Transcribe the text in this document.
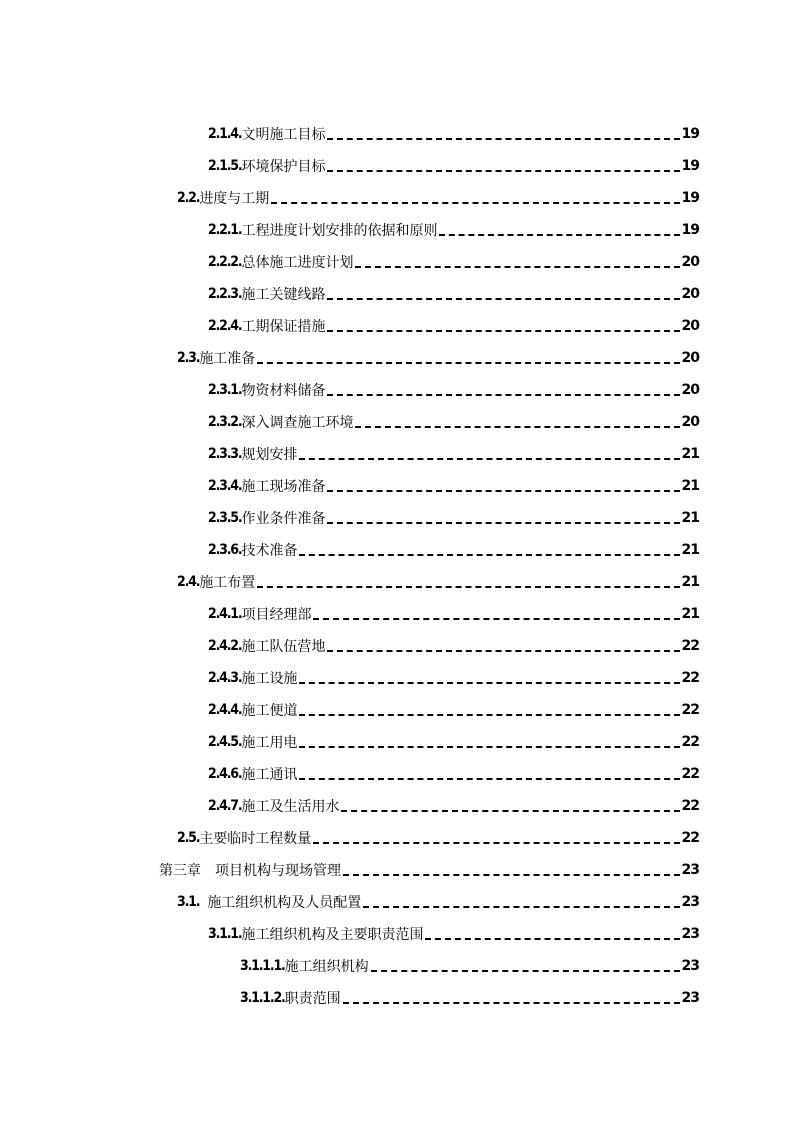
2.1.4. 文明施工目标	19
2.1.5. 环境保护目标	19
2.2. 进度与工期	19
2.2.1. 工程进度计划安排的依据和原则	19
2.2.2. 总体施工进度计划	20
2.2.3. 施工关键线路	20
2.2.4. 工期保证措施	20
2.3. 施工准备	20
2.3.1. 物资材料储备	20
2.3.2. 深入调查施工环境	20
2.3.3. 规划安排	21
2.3.4. 施工现场准备	21
2.3.5. 作业条件准备	21
2.3.6. 技术准备	21
2.4. 施工布置	21
2.4.1. 项目经理部	21
2.4.2. 施工队伍营地	22
2.4.3. 施工设施	22
2.4.4. 施工便道	22
2.4.5. 施工用电	22
2.4.6. 施工通讯	22
2.4.7. 施工及生活用水	22
2.5. 主要临时工程数量	22
第三章 项目机构与现场管理	23
3.1. 施工组织机构及人员配置	23
3.1.1. 施工组织机构及主要职责范围	23
3.1.1.1. 施工组织机构	23
3.1.1.2. 职责范围	23
